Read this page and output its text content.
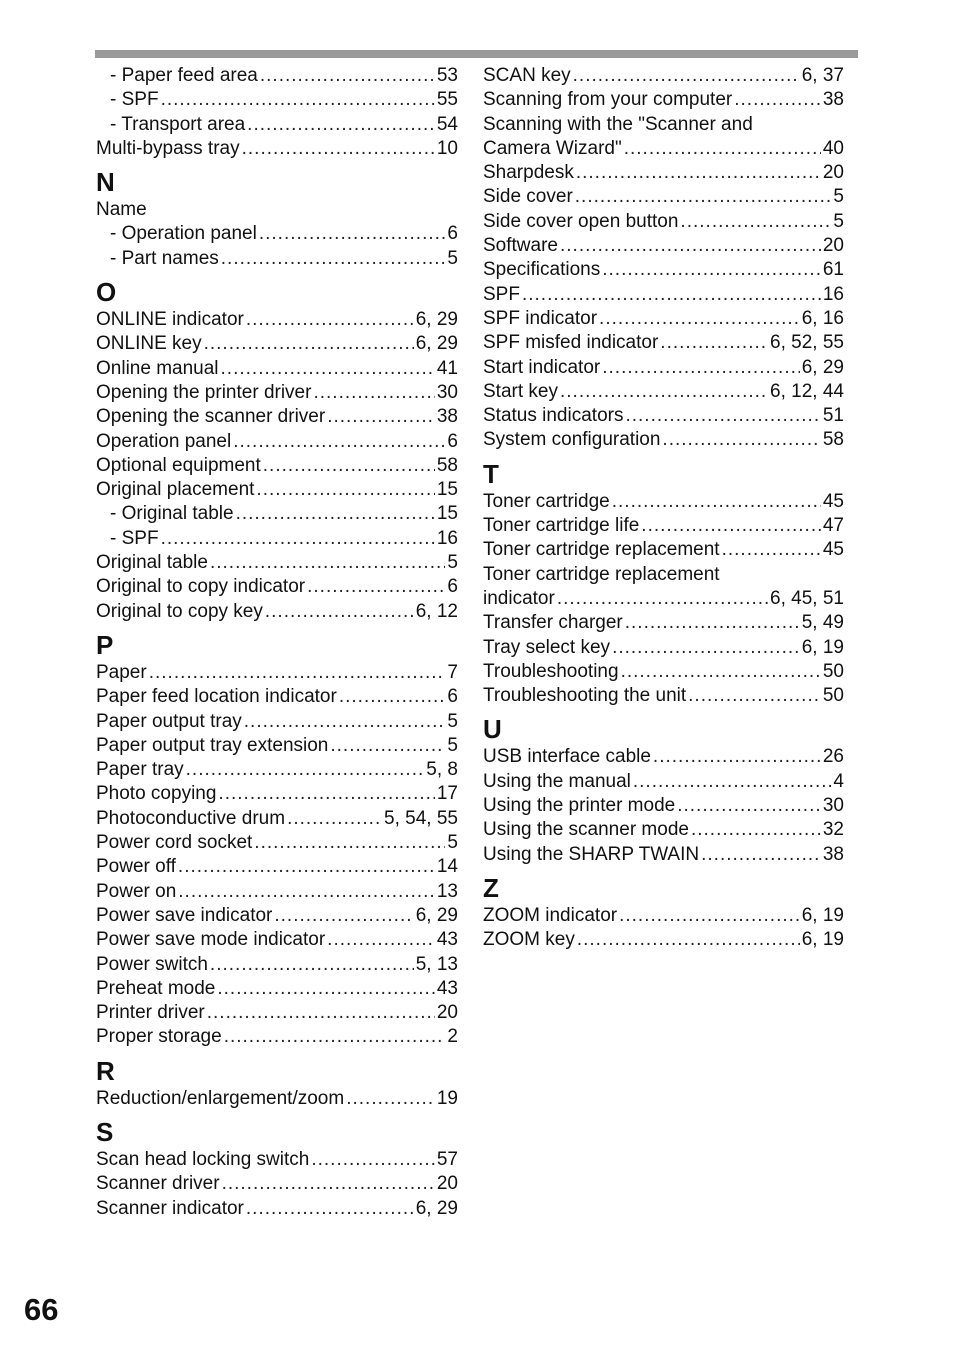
- Paper feed area .....	53
- SPF .....	55
- Transport area .....	54
Multi-bypass tray .....	10
N
Name
- Operation panel .....	6
- Part names .....	5
O
ONLINE indicator .....	6, 29
ONLINE key .....	6, 29
Online manual .....	41
Opening the printer driver .....	30
Opening the scanner driver .....	38
Operation panel .....	6
Optional equipment .....	58
Original placement .....	15
- Original table .....	15
- SPF .....	16
Original table .....	5
Original to copy indicator .....	6
Original to copy key .....	6, 12
P
Paper .....	7
Paper feed location indicator .....	6
Paper output tray .....	5
Paper output tray extension .....	5
Paper tray .....	5, 8
Photo copying .....	17
Photoconductive drum .....	5, 54, 55
Power cord socket .....	5
Power off .....	14
Power on .....	13
Power save indicator .....	6, 29
Power save mode indicator .....	43
Power switch .....	5, 13
Preheat mode .....	43
Printer driver .....	20
Proper storage .....	2
R
Reduction/enlargement/zoom .....	19
S
Scan head locking switch .....	57
Scanner driver .....	20
Scanner indicator .....	6, 29
SCAN key .....	6, 37
Scanning from your computer .....	38
Scanning with the "Scanner and
Camera Wizard" .....	40
Sharpdesk .....	20
Side cover .....	5
Side cover open button .....	5
Software .....	20
Specifications .....	61
SPF .....	16
SPF indicator .....	6, 16
SPF misfed indicator .....	6, 52, 55
Start indicator .....	6, 29
Start key .....	6, 12, 44
Status indicators .....	51
System configuration .....	58
T
Toner cartridge .....	45
Toner cartridge life .....	47
Toner cartridge replacement .....	45
Toner cartridge replacement
indicator .....	6, 45, 51
Transfer charger .....	5, 49
Tray select key .....	6, 19
Troubleshooting .....	50
Troubleshooting the unit .....	50
U
USB interface cable .....	26
Using the manual .....	4
Using the printer mode .....	30
Using the scanner mode .....	32
Using the SHARP TWAIN .....	38
Z
ZOOM indicator .....	6, 19
ZOOM key .....	6, 19
66
